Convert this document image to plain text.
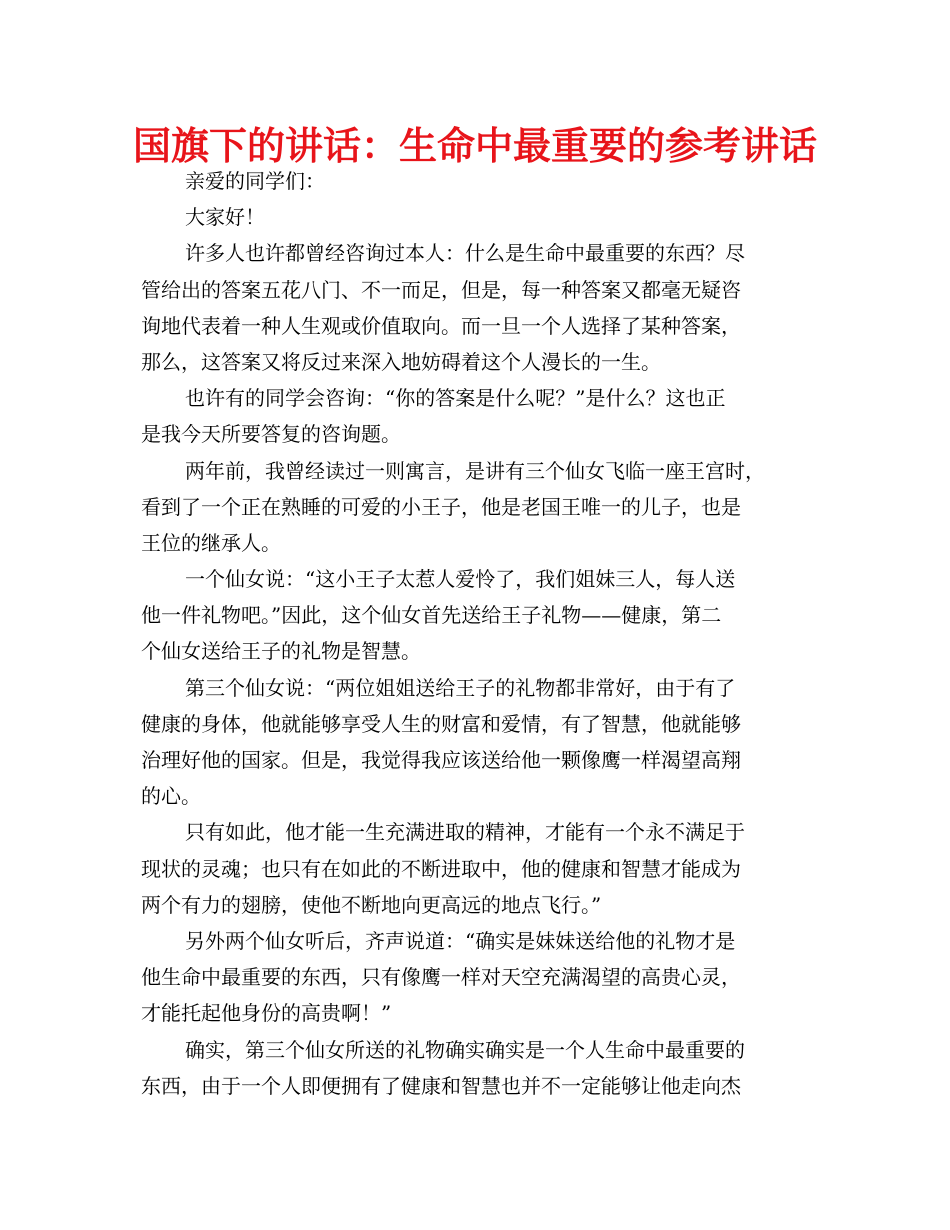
国旗下的讲话：生命中最重要的参考讲话
亲爱的同学们：
大家好！
许多人也许都曾经咨询过本人：什么是生命中最重要的东西？尽
管给出的答案五花八门、不一而足，但是，每一种答案又都毫无疑咨
询地代表着一种人生观或价值取向。而一旦一个人选择了某种答案，
那么，这答案又将反过来深入地妨碍着这个人漫长的一生。
也许有的同学会咨询：“你的答案是什么呢？”是什么？这也正
是我今天所要答复的咨询题。
两年前，我曾经读过一则寓言，是讲有三个仙女飞临一座王宫时，
看到了一个正在熟睡的可爱的小王子，他是老国王唯一的儿子，也是
王位的继承人。
一个仙女说：“这小王子太惹人爱怜了，我们姐妹三人，每人送
他一件礼物吧。”因此，这个仙女首先送给王子礼物——健康，第二
个仙女送给王子的礼物是智慧。
第三个仙女说：“两位姐姐送给王子的礼物都非常好，由于有了
健康的身体，他就能够享受人生的财富和爱情，有了智慧，他就能够
治理好他的国家。但是，我觉得我应该送给他一颗像鹰一样渴望高翔
的心。
只有如此，他才能一生充满进取的精神，才能有一个永不满足于
现状的灵魂；也只有在如此的不断进取中，他的健康和智慧才能成为
两个有力的翅膀，使他不断地向更高远的地点飞行。”
另外两个仙女听后，齐声说道：“确实是妹妹送给他的礼物才是
他生命中最重要的东西，只有像鹰一样对天空充满渴望的高贵心灵，
才能托起他身份的高贵啊！”
确实，第三个仙女所送的礼物确实确实是一个人生命中最重要的
东西，由于一个人即便拥有了健康和智慧也并不一定能够让他走向杰
